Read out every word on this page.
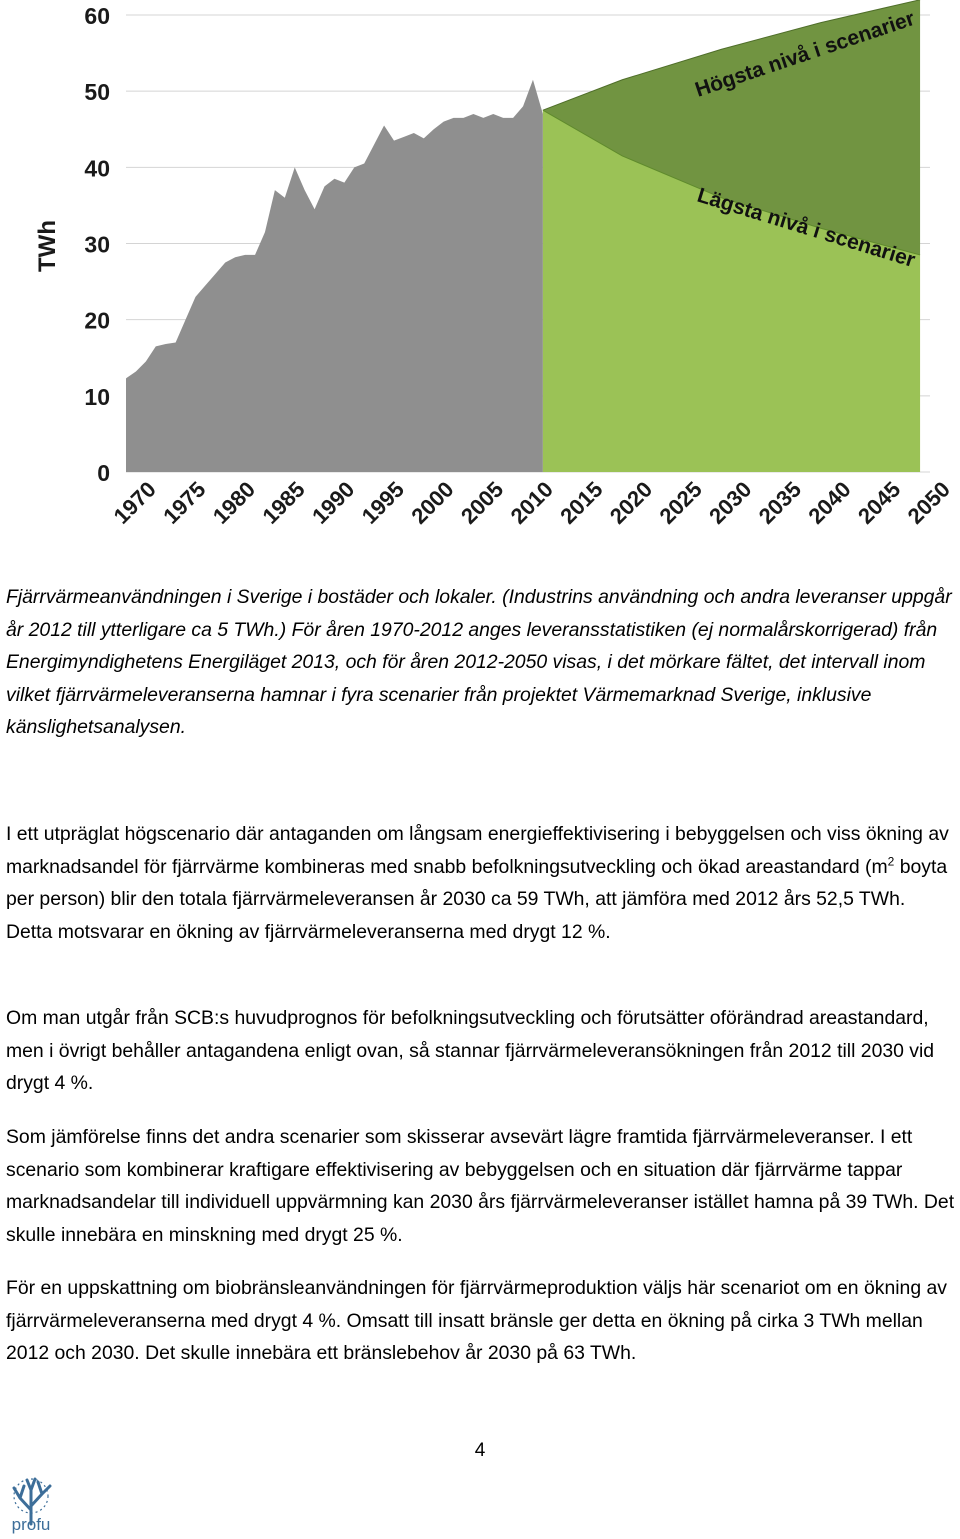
0
10
20
30
40
50
60
1970
1975
1980
1985
1990
1995
2000
2005
2010
2015
2020
2025
2030
2035
2040
2045
2050
TWh
Högsta nivå i scenarier
Lägsta nivå i scenarier

Fjärrvärmeanvändningen i Sverige i bostäder och lokaler. (Industrins användning och andra leveranser uppgår år 2012 till ytterligare ca 5 TWh.) För åren 1970-2012 anges leveransstatistiken (ej normalårskorrigerad) från Energimyndighetens Energiläget 2013, och för åren 2012-2050 visas, i det mörkare fältet, det intervall inom vilket fjärrvärmeleveranserna hamnar i fyra scenarier från projektet Värmemarknad Sverige, inklusive känslighetsanalysen.

I ett utpräglat högscenario där antaganden om långsam energieffektivisering i bebyggelsen och viss ökning av marknadsandel för fjärrvärme kombineras med snabb befolkningsutveckling och ökad areastandard ($m^2$ boyta per person) blir den totala fjärrvärmeleveransen år 2030 ca 59 TWh, att jämföra med 2012 års 52,5 TWh. Detta motsvarar en ökning av fjärrvärmeleveranserna med drygt 12 %.

Om man utgår från SCB:s huvudprognos för befolkningsutveckling och förutsätter oförändrad areastandard, men i övrigt behåller antagandena enligt ovan, så stannar fjärrvärmeleveransökningen från 2012 till 2030 vid drygt 4 %.

Som jämförelse finns det andra scenarier som skisserar avsevärt lägre framtida fjärrvärmeleveranser. I ett scenario som kombinerar kraftigare effektivisering av bebyggelsen och en situation där fjärrvärme tappar marknadsandelar till individuell uppvärmning kan 2030 års fjärrvärmeleveranser istället hamna på 39 TWh. Det skulle innebära en minskning med drygt 25 %.

För en uppskattning om biobränsleanvändningen för fjärrvärmeproduktion väljs här scenariot om en ökning av fjärrvärmeleveranserna med drygt 4 %. Omsatt till insatt bränsle ger detta en ökning på cirka 3 TWh mellan 2012 och 2030. Det skulle innebära ett bränslebehov år 2030 på 63 TWh.

4
profu
